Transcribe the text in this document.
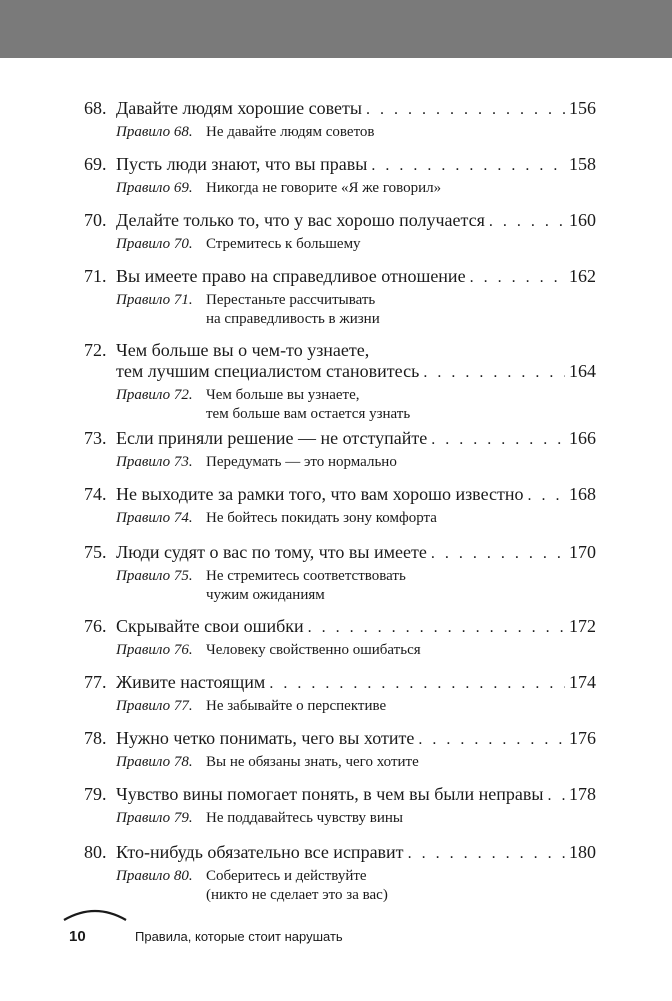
68. Давайте людям хорошие советы . . .	156
Правило 68. Не давайте людям советов
69. Пусть люди знают, что вы правы . . .	158
Правило 69. Никогда не говорите «Я же говорил»
70. Делайте только то, что у вас хорошо получается . . .	160
Правило 70. Стремитесь к большему
71. Вы имеете право на справедливое отношение . . .	162
Правило 71. Перестаньте рассчитывать
на справедливость в жизни
72. Чем больше вы о чем-то узнаете,
тем лучшим специалистом становитесь . . .	164
Правило 72. Чем больше вы узнаете,
тем больше вам остается узнать
73. Если приняли решение — не отступайте . . .	166
Правило 73. Передумать — это нормально
74. Не выходите за рамки того, что вам хорошо известно . . .	168
Правило 74. Не бойтесь покидать зону комфорта
75. Люди судят о вас по тому, что вы имеете . . .	170
Правило 75. Не стремитесь соответствовать
чужим ожиданиям
76. Скрывайте свои ошибки . . .	172
Правило 76. Человеку свойственно ошибаться
77. Живите настоящим . . .	174
Правило 77. Не забывайте о перспективе
78. Нужно четко понимать, чего вы хотите . . .	176
Правило 78. Вы не обязаны знать, чего хотите
79. Чувство вины помогает понять, в чем вы были неправы . . . 178
Правило 79. Не поддавайтесь чувству вины
80. Кто-нибудь обязательно все исправит . . .	180
Правило 80. Соберитесь и действуйте
(никто не сделает это за вас)
10	Правила, которые стоит нарушать
